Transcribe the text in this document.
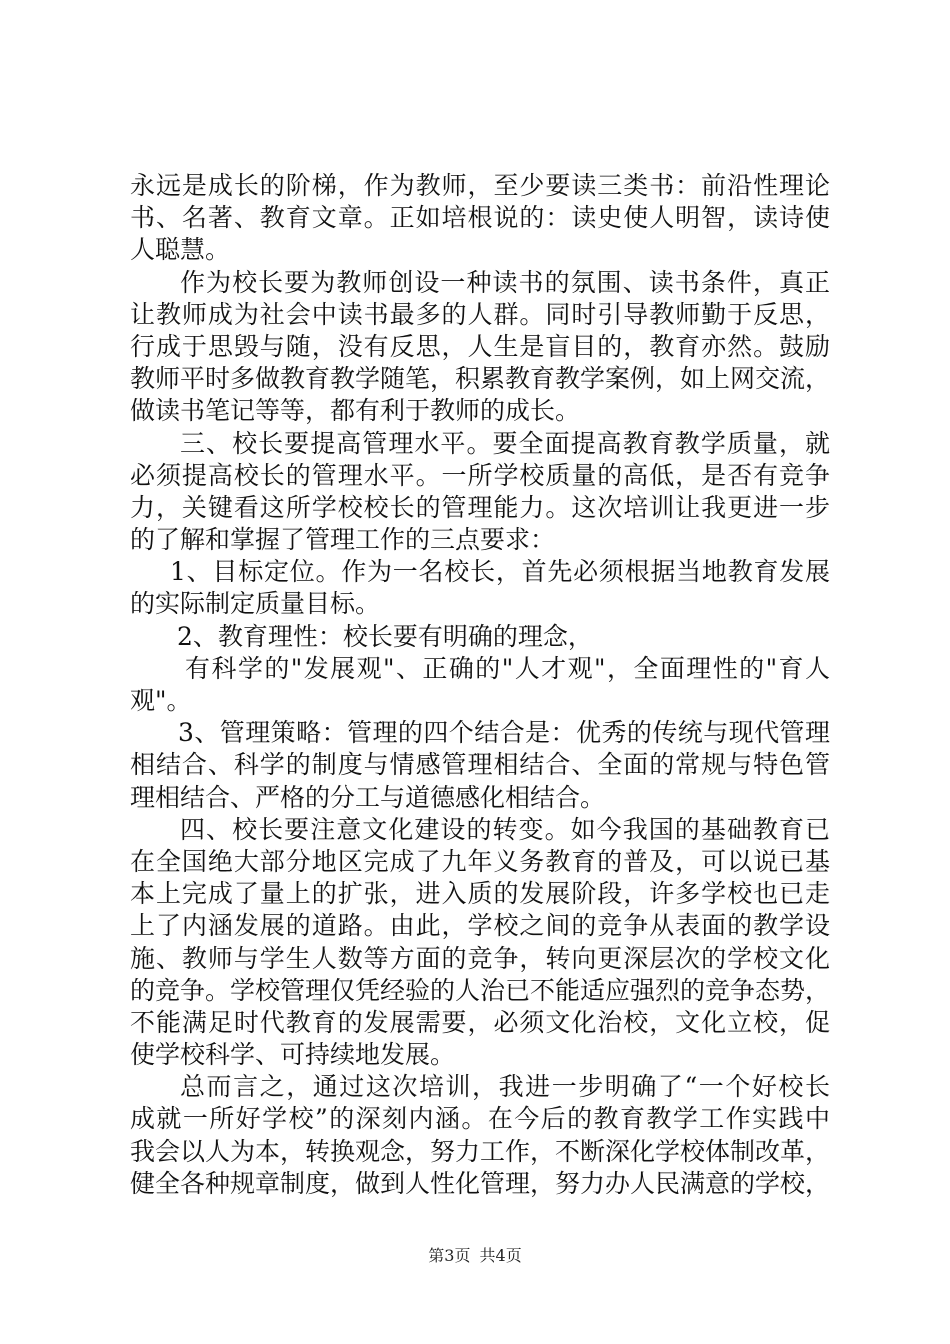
永远是成长的阶梯，作为教师，至少要读三类书：前沿性理论
书、名著、教育文章。正如培根说的：读史使人明智，读诗使
人聪慧。
作为校长要为教师创设一种读书的氛围、读书条件，真正
让教师成为社会中读书最多的人群。同时引导教师勤于反思，
行成于思毁与随，没有反思，人生是盲目的，教育亦然。鼓励
教师平时多做教育教学随笔，积累教育教学案例，如上网交流，
做读书笔记等等，都有利于教师的成长。
三、校长要提高管理水平。要全面提高教育教学质量，就
必须提高校长的管理水平。一所学校质量的高低，是否有竞争
力，关键看这所学校校长的管理能力。这次培训让我更进一步
的了解和掌握了管理工作的三点要求：
1、目标定位。作为一名校长，首先必须根据当地教育发展
的实际制定质量目标。
2、教育理性：校长要有明确的理念，
有科学的"发展观"、正确的"人才观"，全面理性的"育人
观"。
3、管理策略：管理的四个结合是：优秀的传统与现代管理
相结合、科学的制度与情感管理相结合、全面的常规与特色管
理相结合、严格的分工与道德感化相结合。
四、校长要注意文化建设的转变。如今我国的基础教育已
在全国绝大部分地区完成了九年义务教育的普及，可以说已基
本上完成了量上的扩张，进入质的发展阶段，许多学校也已走
上了内涵发展的道路。由此，学校之间的竞争从表面的教学设
施、教师与学生人数等方面的竞争，转向更深层次的学校文化
的竞争。学校管理仅凭经验的人治已不能适应强烈的竞争态势，
不能满足时代教育的发展需要，必须文化治校，文化立校，促
使学校科学、可持续地发展。
总而言之，通过这次培训，我进一步明确了“一个好校长
成就一所好学校”的深刻内涵。在今后的教育教学工作实践中
我会以人为本，转换观念，努力工作，不断深化学校体制改革，
健全各种规章制度，做到人性化管理，努力办人民满意的学校，
第3页 共4页
